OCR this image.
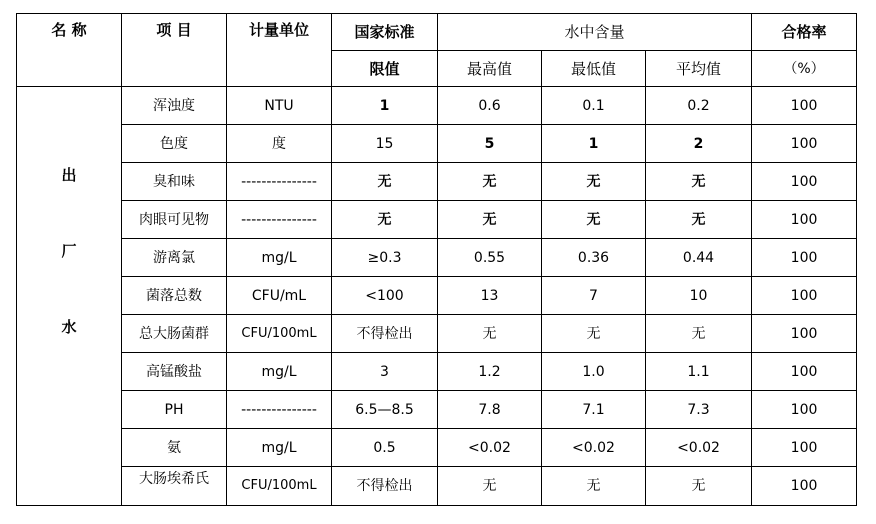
名 称	项 目	计量单位	国家标准	水中含量			合格率
			限值	最高值	最低值	平均值	（%）

出
厂
水	浑浊度	NTU	1	0.6	0.1	0.2	100
	色度	度	15	5	1	2	100
	臭和味	---------------	无	无	无	无	100
	肉眼可见物	---------------	无	无	无	无	100
	游离氯	mg/L	≥0.3	0.55	0.36	0.44	100
	菌落总数	CFU/mL	<100	13	7	10	100
	总大肠菌群	CFU/100mL	不得检出	无	无	无	100
	高锰酸盐	mg/L	3	1.2	1.0	1.1	100
	PH	---------------	6.5—8.5	7.8	7.1	7.3	100
	氨	mg/L	0.5	<0.02	<0.02	<0.02	100
	大肠埃希氏	CFU/100mL	不得检出	无	无	无	100
